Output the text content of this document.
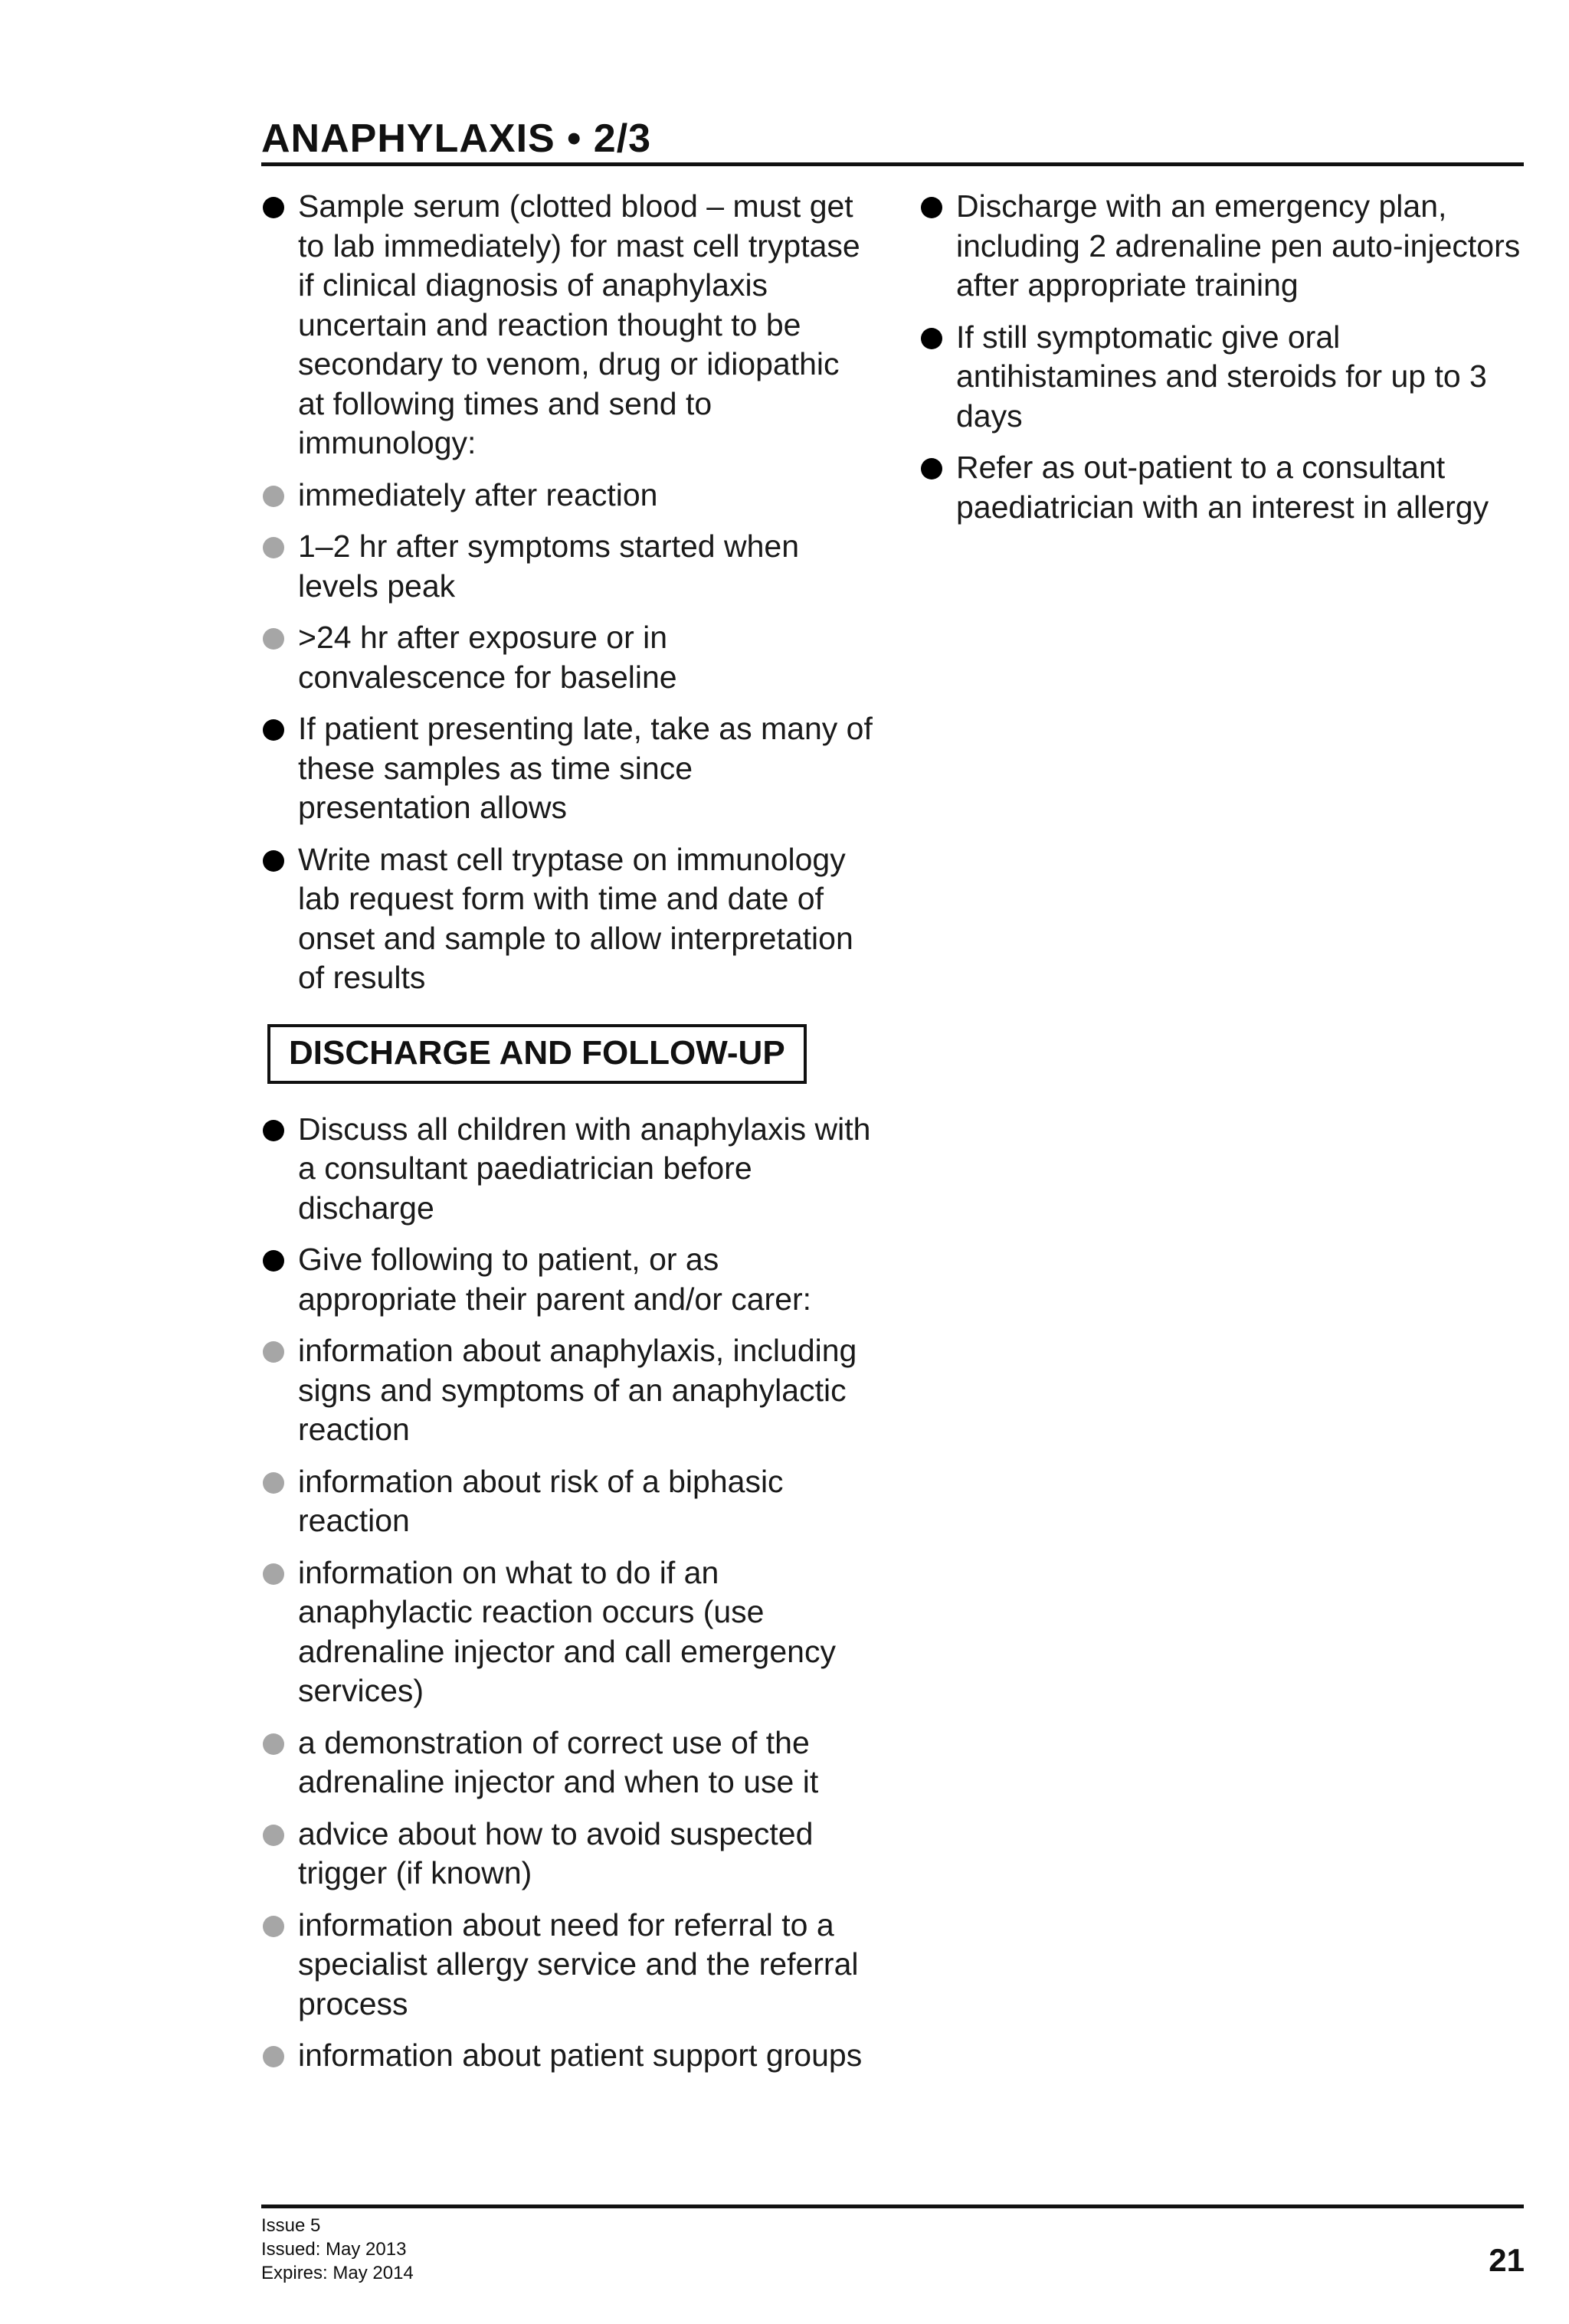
ANAPHYLAXIS • 2/3
Sample serum (clotted blood – must get to lab immediately) for mast cell tryptase if clinical diagnosis of anaphylaxis uncertain and reaction thought to be secondary to venom, drug or idiopathic at following times and send to immunology:
immediately after reaction
1–2 hr after symptoms started when levels peak
>24 hr after exposure or in convalescence for baseline
If patient presenting late, take as many of these samples as time since presentation allows
Write mast cell tryptase on immunology lab request form with time and date of onset and sample to allow interpretation of results
DISCHARGE AND FOLLOW-UP
Discuss all children with anaphylaxis with a consultant paediatrician before discharge
Give following to patient, or as appropriate their parent and/or carer:
information about anaphylaxis, including signs and symptoms of an anaphylactic reaction
information about risk of a biphasic reaction
information on what to do if an anaphylactic reaction occurs (use adrenaline injector and call emergency services)
a demonstration of correct use of the adrenaline injector and when to use it
advice about how to avoid suspected trigger (if known)
information about need for referral to a specialist allergy service and the referral process
information about patient support groups
Discharge with an emergency plan, including 2 adrenaline pen auto-injectors after appropriate training
If still symptomatic give oral antihistamines and steroids for up to 3 days
Refer as out-patient to a consultant paediatrician with an interest in allergy
Issue 5
Issued: May 2013
Expires: May 2014	21
